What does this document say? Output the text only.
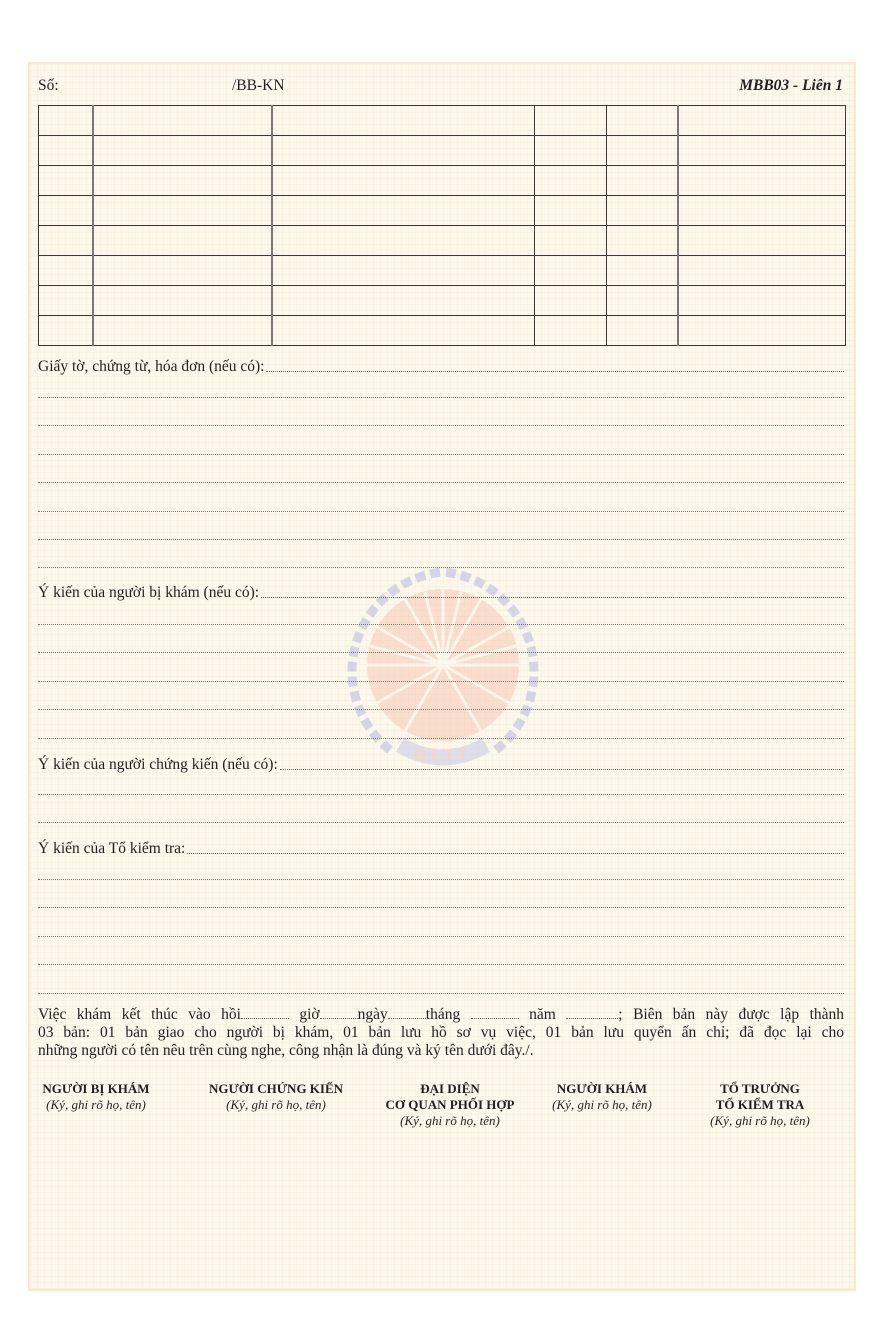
QLTT
Số:	/BB-KN	MBB03 - Liên 1

Giấy tờ, chứng từ, hóa đơn (nếu có):
Ý kiến của người bị khám (nếu có):
Ý kiến của người chứng kiến (nếu có):
Ý kiến của Tổ kiểm tra:
Việc khám kết thúc vào hồi	giờ ngày tháng	năm	; Biên bản này được lập thành
03 bản: 01 bản giao cho người bị khám, 01 bản lưu hồ sơ vụ việc, 01 bản lưu quyển ấn chỉ; đã đọc lại cho
những người có tên nêu trên cùng nghe, công nhận là đúng và ký tên dưới đây./.
NGƯỜI BỊ KHÁM
(Ký, ghi rõ họ, tên)
NGƯỜI CHỨNG KIẾN
(Ký, ghi rõ họ, tên)
ĐẠI DIỆN
CƠ QUAN PHỐI HỢP
(Ký, ghi rõ họ, tên)
NGƯỜI KHÁM
(Ký, ghi rõ họ, tên)
TỔ TRƯỞNG
TỔ KIỂM TRA
(Ký, ghi rõ họ, tên)
